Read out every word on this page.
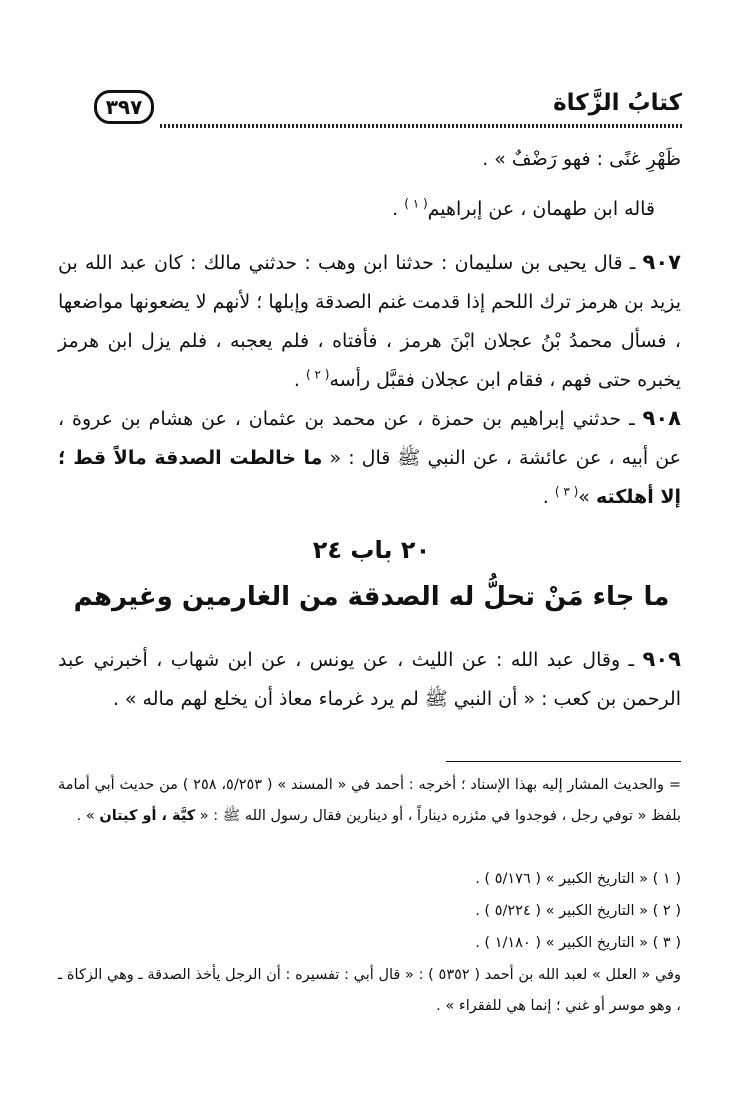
كتابُ الزَّكاة
٣٩٧
ظَهْرِ غنًى : فهو رَضْفٌ » .
قاله ابن طهمان ، عن إبراهيم$^{( ١ )}$ .
٩٠٧ ـ قال يحيى بن سليمان : حدثنا ابن وهب : حدثني مالك : كان عبد الله بن يزيد بن هرمز ترك اللحم إذا قدمت غنم الصدقة وإبلها ؛ لأنهم لا يضعونها مواضعها ، فسأل محمدُ بْنُ عجلان ابْنَ هرمز ، فأفتاه ، فلم يعجبه ، فلم يزل ابن هرمز يخبره حتى فهم ، فقام ابن عجلان فقبَّل رأسه$^{( ٢ )}$ .
٩٠٨ ـ حدثني إبراهيم بن حمزة ، عن محمد بن عثمان ، عن هشام بن عروة ، عن أبيه ، عن عائشة ، عن النبي ﷺ قال : « ما خالطت الصدقة مالاً قط ؛ إلا أهلكته »$^{( ٣ )}$ .
٢٠ باب ٢٤
ما جاء مَنْ تحلُّ له الصدقة من الغارمين وغيرهم
٩٠٩ ـ وقال عبد الله : عن الليث ، عن يونس ، عن ابن شهاب ، أخبرني عبد الرحمن بن كعب : « أن النبي ﷺ لم يرد غرماء معاذ أن يخلع لهم ماله » .
= والحديث المشار إليه بهذا الإسناد ؛ أخرجه : أحمد في « المسند » ( ٥/٢٥٣، ٢٥٨ ) من حديث أبي أمامة بلفظ « توفي رجل ، فوجدوا في مئزره ديناراً ، أو دينارين فقال رسول الله ﷺ : « كيَّة ، أو كيتان » .
( ١ ) « التاريخ الكبير » ( ٥/١٧٦ ) .
( ٢ ) « التاريخ الكبير » ( ٥/٢٢٤ ) .
( ٣ ) « التاريخ الكبير » ( ١/١٨٠ ) .
وفي « العلل » لعبد الله بن أحمد ( ٥٣٥٢ ) : « قال أبي : تفسيره : أن الرجل يأخذ الصدقة ـ وهي الزكاة ـ ، وهو موسر أو غني ؛ إنما هي للفقراء » .
